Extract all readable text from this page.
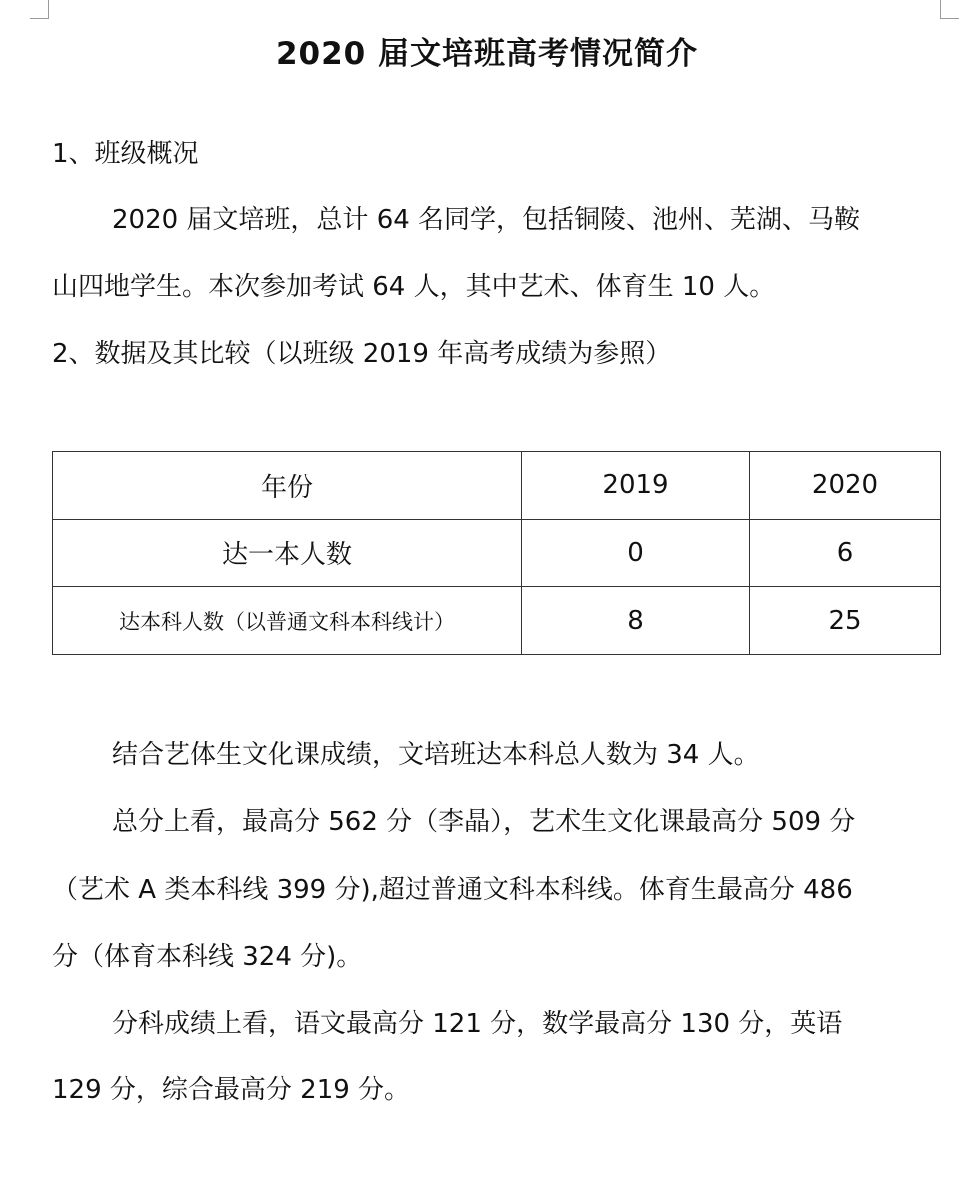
2020 届文培班高考情况简介
1、班级概况
2020 届文培班，总计 64 名同学，包括铜陵、池州、芜湖、马鞍
山四地学生。本次参加考试 64 人，其中艺术、体育生 10 人。
2、数据及其比较（以班级 2019 年高考成绩为参照）
年份	2019	2020
达一本人数	0	6
达本科人数（以普通文科本科线计）	8	25
结合艺体生文化课成绩，文培班达本科总人数为 34 人。
总分上看，最高分 562 分（李晶），艺术生文化课最高分 509 分
（艺术 A 类本科线 399 分),超过普通文科本科线。体育生最高分 486
分（体育本科线 324 分)。
分科成绩上看，语文最高分 121 分，数学最高分 130 分，英语
129 分，综合最高分 219 分。
